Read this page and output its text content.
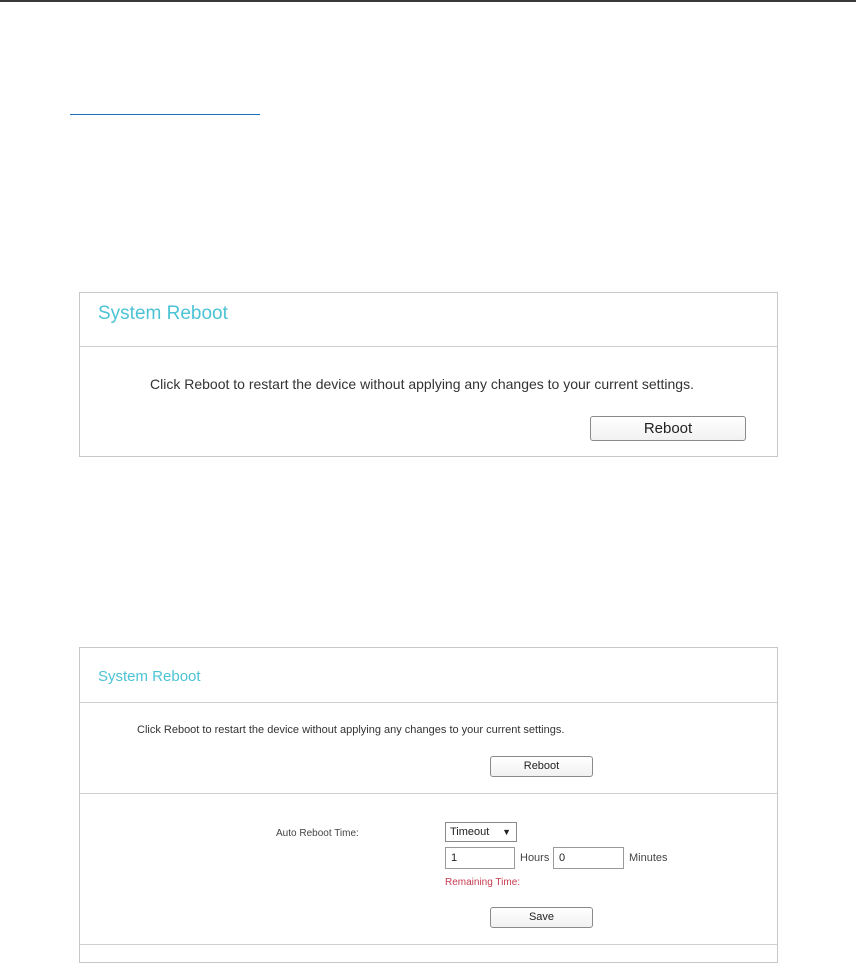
System Reboot
Click Reboot to restart the device without applying any changes to your current settings.
Reboot
System Reboot
Click Reboot to restart the device without applying any changes to your current settings.
Reboot
Auto Reboot Time:	Timeout ▼
1
Hours
0	Minutes
Remaining Time:
Save
